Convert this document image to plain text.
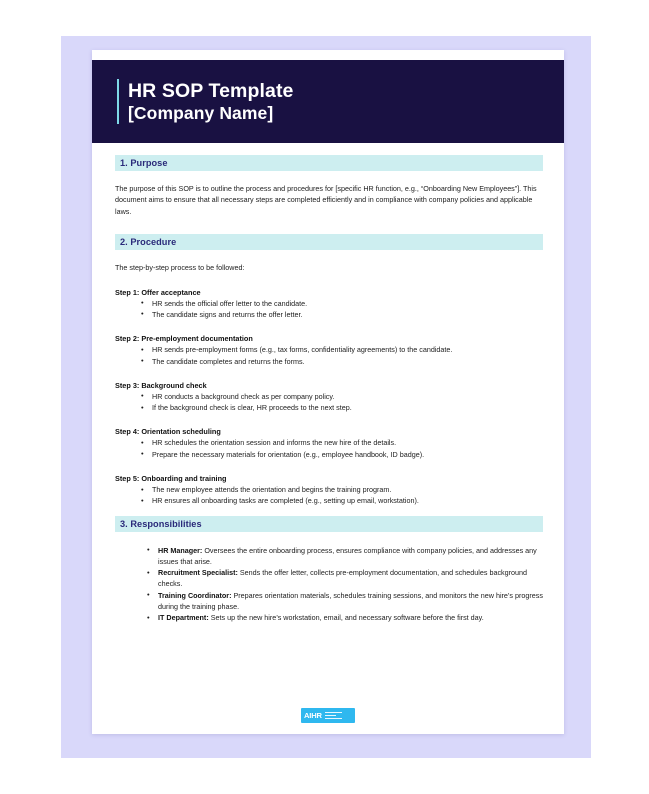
HR SOP Template
[Company Name]
1. Purpose

The purpose of this SOP is to outline the process and procedures for [specific HR function, e.g., “Onboarding New Employees”]. This document aims to ensure that all necessary steps are completed efficiently and in compliance with company policies and applicable laws.

2. Procedure

The step-by-step process to be followed:

Step 1: Offer acceptance
• HR sends the official offer letter to the candidate.
• The candidate signs and returns the offer letter.
Step 2: Pre-employment documentation
• HR sends pre-employment forms (e.g., tax forms, confidentiality agreements) to the candidate.
• The candidate completes and returns the forms.
Step 3: Background check
• HR conducts a background check as per company policy.
• If the background check is clear, HR proceeds to the next step.
Step 4: Orientation scheduling
• HR schedules the orientation session and informs the new hire of the details.
• Prepare the necessary materials for orientation (e.g., employee handbook, ID badge).
Step 5: Onboarding and training
• The new employee attends the orientation and begins the training program.
• HR ensures all onboarding tasks are completed (e.g., setting up email, workstation).
3. Responsibilities
• HR Manager: Oversees the entire onboarding process, ensures compliance with company policies, and addresses any issues that arise.
• Recruitment Specialist: Sends the offer letter, collects pre-employment documentation, and schedules background checks.
• Training Coordinator: Prepares orientation materials, schedules training sessions, and monitors the new hire’s progress during the training phase.
• IT Department: Sets up the new hire’s workstation, email, and necessary software before the first day.
AIHR
